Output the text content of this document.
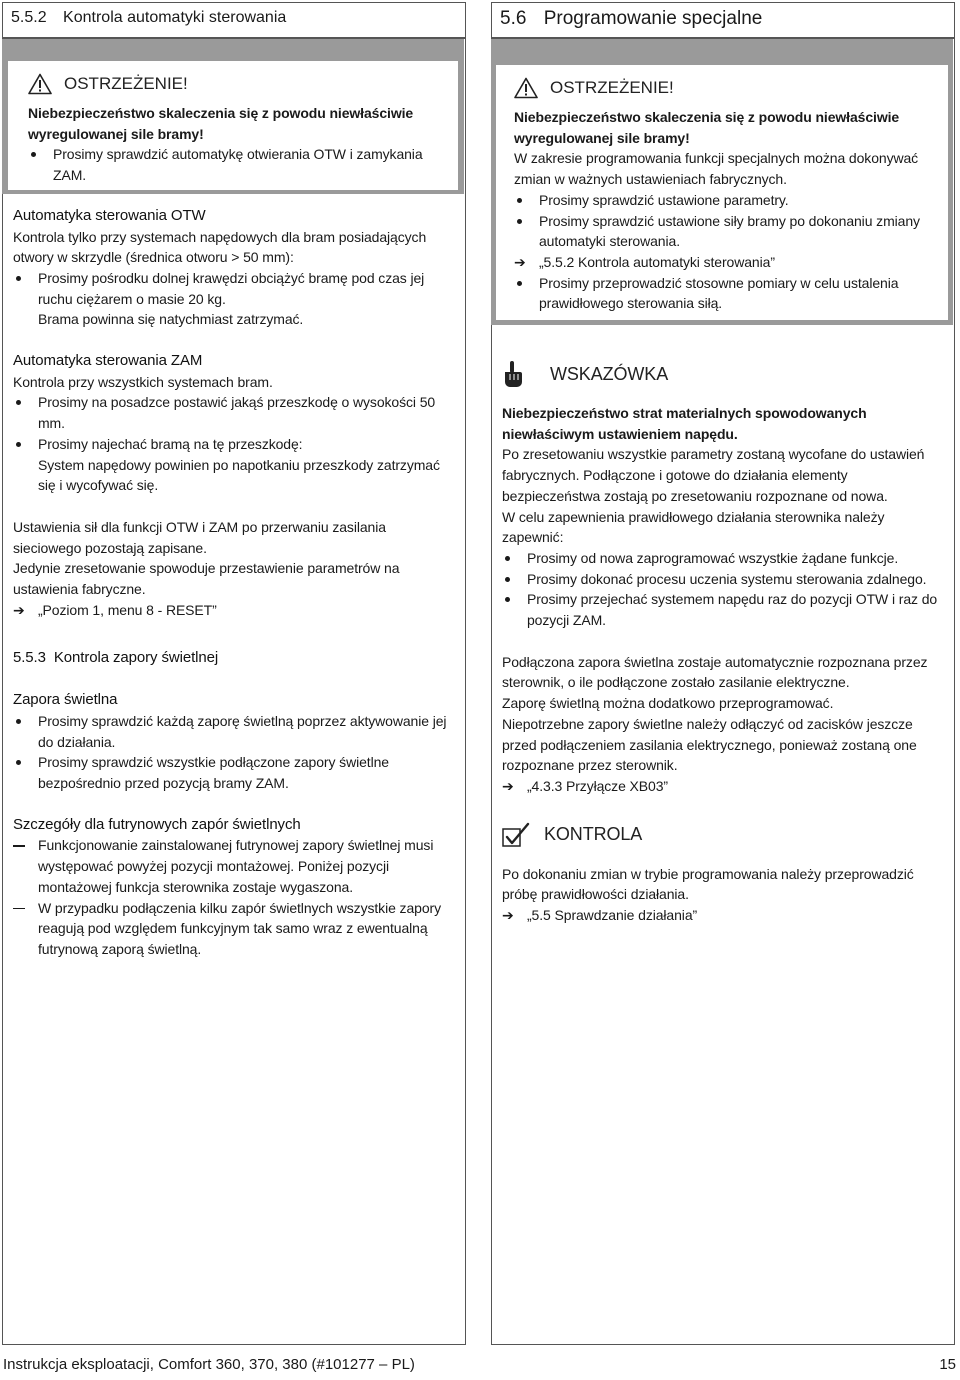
5.5.2 Kontrola automatyki sterowania
OSTRZEŻENIE!

Niebezpieczeństwo skaleczenia się z powodu niewłaściwie wyregulowanej sile bramy!

Prosimy sprawdzić automatykę otwierania OTW i zamykania ZAM.

Automatyka sterowania OTW

Kontrola tylko przy systemach napędowych dla bram posiadających otwory w skrzydle (średnica otworu > 50 mm):

Prosimy pośrodku dolnej krawędzi obciążyć bramę pod czas jej ruchu ciężarem o masie 20 kg.
Brama powinna się natychmiast zatrzymać.

Automatyka sterowania ZAM

Kontrola przy wszystkich systemach bram.

Prosimy na posadzce postawić jakąś przeszkodę o wysokości 50 mm.
Prosimy najechać bramą na tę przeszkodę:
System napędowy powinien po napotkaniu przeszkody zatrzymać się i wycofywać się.

Ustawienia sił dla funkcji OTW i ZAM po przerwaniu zasilania sieciowego pozostają zapisane.

Jedynie zresetowanie spowoduje przestawienie parametrów na ustawienia fabryczne.

➔ „Poziom 1, menu 8 - RESET”

5.5.3 Kontrola zapory świetlnej

Zapora świetlna

Prosimy sprawdzić każdą zaporę świetlną poprzez aktywowanie jej do działania.
Prosimy sprawdzić wszystkie podłączone zapory świetlne bezpośrednio przed pozycją bramy ZAM.

Szczegóły dla futrynowych zapór świetlnych

Funkcjonowanie zainstalowanej futrynowej zapory świetlnej musi występować powyżej pozycji montażowej. Poniżej pozycji montażowej funkcja sterownika zostaje wygaszona.
W przypadku podłączenia kilku zapór świetlnych wszystkie zapory reagują pod względem funkcyjnym tak samo wraz z ewentualną futrynową zaporą świetlną.
5.6 Programowanie specjalne
OSTRZEŻENIE!

Niebezpieczeństwo skaleczenia się z powodu niewłaściwie wyregulowanej sile bramy!

W zakresie programowania funkcji specjalnych można dokonywać zmian w ważnych ustawieniach fabrycznych.

Prosimy sprawdzić ustawione parametry.
Prosimy sprawdzić ustawione siły bramy po dokonaniu zmiany automatyki sterowania.
➔ „5.5.2 Kontrola automatyki sterowania”
Prosimy przeprowadzić stosowne pomiary w celu ustalenia prawidłowego sterowania siłą.
WSKAZÓWKA

Niebezpieczeństwo strat materialnych spowodowanych niewłaściwym ustawieniem napędu.

Po zresetowaniu wszystkie parametry zostaną wycofane do ustawień fabrycznych. Podłączone i gotowe do działania elementy bezpieczeństwa zostają po zresetowaniu rozpoznane od nowa.

W celu zapewnienia prawidłowego działania sterownika należy zapewnić:

Prosimy od nowa zaprogramować wszystkie żądane funkcje.
Prosimy dokonać procesu uczenia systemu sterowania zdalnego.
Prosimy przejechać systemem napędu raz do pozycji OTW i raz do pozycji ZAM.

Podłączona zapora świetlna zostaje automatycznie rozpoznana przez sterownik, o ile podłączone zostało zasilanie elektryczne.

Zaporę świetlną można dodatkowo przeprogramować.

Niepotrzebne zapory świetlne należy odłączyć od zacisków jeszcze przed podłączeniem zasilania elektrycznego, ponieważ zostaną one rozpoznane przez sterownik.

➔ „4.3.3 Przyłącze XB03”
KONTROLA

Po dokonaniu zmian w trybie programowania należy przeprowadzić próbę prawidłowości działania.

➔ „5.5 Sprawdzanie działania”
Instrukcja eksploatacji, Comfort 360, 370, 380 (#101277 – PL)	15
